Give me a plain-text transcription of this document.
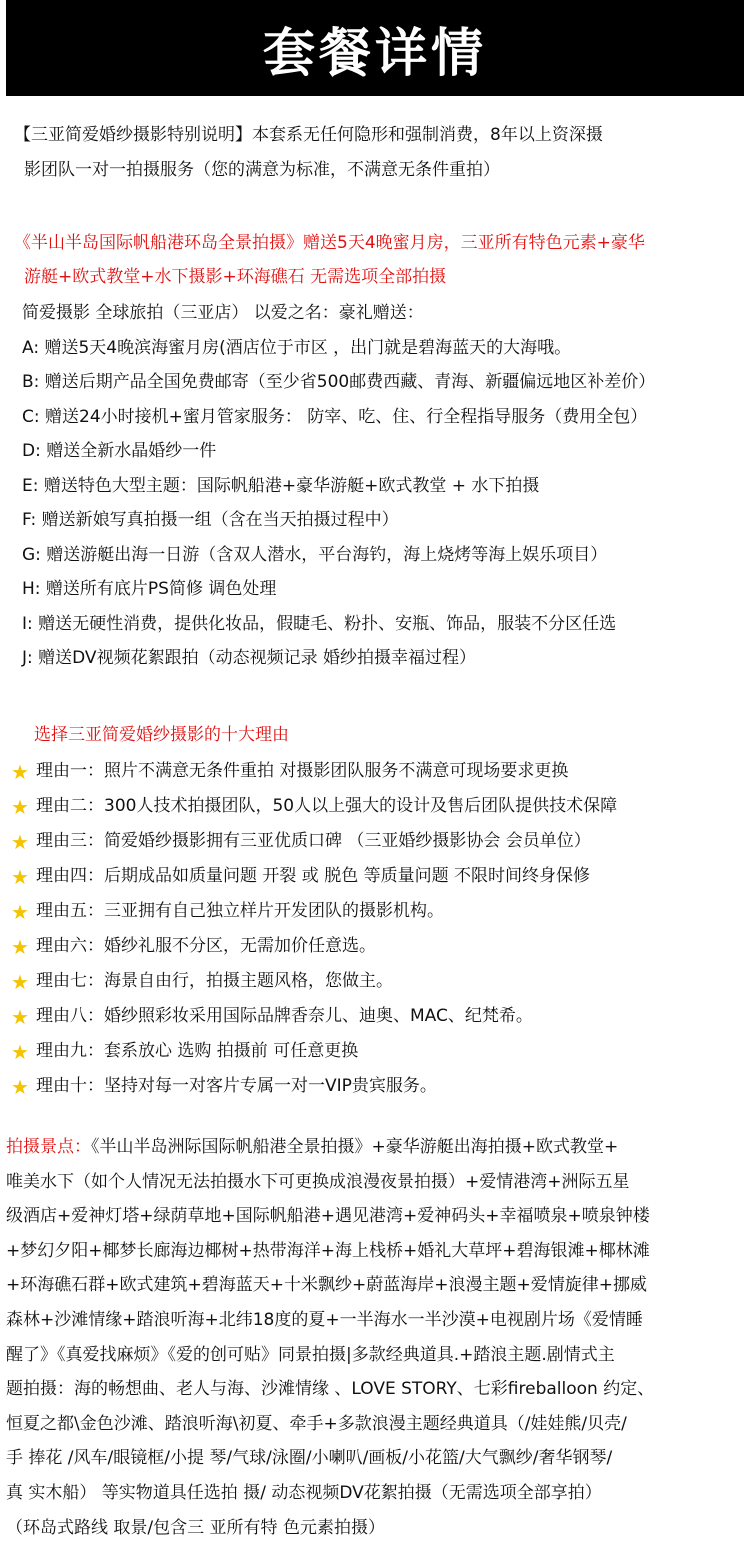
套餐详情
【三亚简爱婚纱摄影特别说明】本套系无任何隐形和强制消费，8年以上资深摄
影团队一对一拍摄服务（您的满意为标准，不满意无条件重拍）
《半山半岛国际帆船港环岛全景拍摄》赠送5天4晚蜜月房，三亚所有特色元素+豪华
游艇+欧式教堂+水下摄影+环海礁石 无需选项全部拍摄
简爱摄影 全球旅拍（三亚店） 以爱之名：豪礼赠送：
A: 赠送5天4晚滨海蜜月房(酒店位于市区 ，出门就是碧海蓝天的大海哦。
B: 赠送后期产品全国免费邮寄（至少省500邮费西藏、青海、新疆偏远地区补差价）
C: 赠送24小时接机+蜜月管家服务： 防宰、吃、住、行全程指导服务（费用全包）
D: 赠送全新水晶婚纱一件
E: 赠送特色大型主题：国际帆船港+豪华游艇+欧式教堂 + 水下拍摄
F: 赠送新娘写真拍摄一组（含在当天拍摄过程中）
G: 赠送游艇出海一日游（含双人潜水，平台海钓，海上烧烤等海上娱乐项目）
H: 赠送所有底片PS简修 调色处理
I: 赠送无硬性消费，提供化妆品，假睫毛、粉扑、安瓶、饰品，服装不分区任选
J: 赠送DV视频花絮跟拍（动态视频记录 婚纱拍摄幸福过程）
选择三亚简爱婚纱摄影的十大理由
★ 理由一：照片不满意无条件重拍 对摄影团队服务不满意可现场要求更换
★ 理由二：300人技术拍摄团队，50人以上强大的设计及售后团队提供技术保障
★ 理由三：简爱婚纱摄影拥有三亚优质口碑 （三亚婚纱摄影协会 会员单位）
★ 理由四：后期成品如质量问题 开裂 或 脱色 等质量问题 不限时间终身保修
★ 理由五：三亚拥有自己独立样片开发团队的摄影机构。
★ 理由六：婚纱礼服不分区，无需加价任意选。
★ 理由七：海景自由行，拍摄主题风格，您做主。
★ 理由八：婚纱照彩妆采用国际品牌香奈儿、迪奥、MAC、纪梵希。
★ 理由九：套系放心 选购 拍摄前 可任意更换
★ 理由十：坚持对每一对客片专属一对一VIP贵宾服务。
拍摄景点：《半山半岛洲际国际帆船港全景拍摄》+豪华游艇出海拍摄+欧式教堂+
唯美水下（如个人情况无法拍摄水下可更换成浪漫夜景拍摄）+爱情港湾+洲际五星
级酒店+爱神灯塔+绿荫草地+国际帆船港+遇见港湾+爱神码头+幸福喷泉+喷泉钟楼
+梦幻夕阳+椰梦长廊海边椰树+热带海洋+海上栈桥+婚礼大草坪+碧海银滩+椰林滩
+环海礁石群+欧式建筑+碧海蓝天+十米飘纱+蔚蓝海岸+浪漫主题+爱情旋律+挪威
森林+沙滩情缘+踏浪听海+北纬18度的夏+一半海水一半沙漠+电视剧片场《爱情睡
醒了》《真爱找麻烦》《爱的创可贴》同景拍摄|多款经典道具.+踏浪主题.剧情式主
题拍摄：海的畅想曲、老人与海、沙滩情缘 、LOVE STORY、七彩fireballoon 约定、
恒夏之都\金色沙滩、踏浪听海\初夏、牵手+多款浪漫主题经典道具（/娃娃熊/贝壳/
手 捧花 /风车/眼镜框/小提 琴/气球/泳圈/小喇叭/画板/小花篮/大气飘纱/奢华钢琴/
真 实木船） 等实物道具任选拍 摄/ 动态视频DV花絮拍摄（无需选项全部享拍）
（环岛式路线 取景/包含三 亚所有特 色元素拍摄）
